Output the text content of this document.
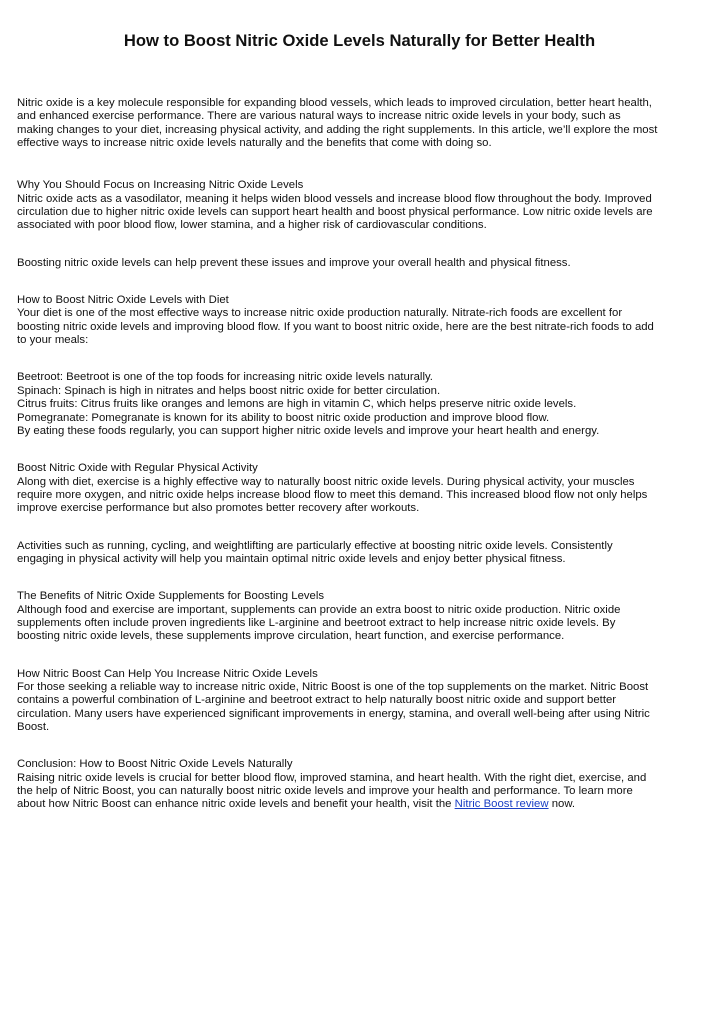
How to Boost Nitric Oxide Levels Naturally for Better Health

Nitric oxide is a key molecule responsible for expanding blood vessels, which leads to improved circulation, better heart health,
and enhanced exercise performance. There are various natural ways to increase nitric oxide levels in your body, such as
making changes to your diet, increasing physical activity, and adding the right supplements. In this article, we’ll explore the most
effective ways to increase nitric oxide levels naturally and the benefits that come with doing so.

Why You Should Focus on Increasing Nitric Oxide Levels
Nitric oxide acts as a vasodilator, meaning it helps widen blood vessels and increase blood flow throughout the body. Improved
circulation due to higher nitric oxide levels can support heart health and boost physical performance. Low nitric oxide levels are
associated with poor blood flow, lower stamina, and a higher risk of cardiovascular conditions.

Boosting nitric oxide levels can help prevent these issues and improve your overall health and physical fitness.

How to Boost Nitric Oxide Levels with Diet
Your diet is one of the most effective ways to increase nitric oxide production naturally. Nitrate-rich foods are excellent for
boosting nitric oxide levels and improving blood flow. If you want to boost nitric oxide, here are the best nitrate-rich foods to add
to your meals:

Beetroot: Beetroot is one of the top foods for increasing nitric oxide levels naturally.
Spinach: Spinach is high in nitrates and helps boost nitric oxide for better circulation.
Citrus fruits: Citrus fruits like oranges and lemons are high in vitamin C, which helps preserve nitric oxide levels.
Pomegranate: Pomegranate is known for its ability to boost nitric oxide production and improve blood flow.
By eating these foods regularly, you can support higher nitric oxide levels and improve your heart health and energy.

Boost Nitric Oxide with Regular Physical Activity
Along with diet, exercise is a highly effective way to naturally boost nitric oxide levels. During physical activity, your muscles
require more oxygen, and nitric oxide helps increase blood flow to meet this demand. This increased blood flow not only helps
improve exercise performance but also promotes better recovery after workouts.

Activities such as running, cycling, and weightlifting are particularly effective at boosting nitric oxide levels. Consistently
engaging in physical activity will help you maintain optimal nitric oxide levels and enjoy better physical fitness.

The Benefits of Nitric Oxide Supplements for Boosting Levels
Although food and exercise are important, supplements can provide an extra boost to nitric oxide production. Nitric oxide
supplements often include proven ingredients like L-arginine and beetroot extract to help increase nitric oxide levels. By
boosting nitric oxide levels, these supplements improve circulation, heart function, and exercise performance.

How Nitric Boost Can Help You Increase Nitric Oxide Levels
For those seeking a reliable way to increase nitric oxide, Nitric Boost is one of the top supplements on the market. Nitric Boost
contains a powerful combination of L-arginine and beetroot extract to help naturally boost nitric oxide and support better
circulation. Many users have experienced significant improvements in energy, stamina, and overall well-being after using Nitric
Boost.

Conclusion: How to Boost Nitric Oxide Levels Naturally
Raising nitric oxide levels is crucial for better blood flow, improved stamina, and heart health. With the right diet, exercise, and
the help of Nitric Boost, you can naturally boost nitric oxide levels and improve your health and performance. To learn more
about how Nitric Boost can enhance nitric oxide levels and benefit your health, visit the Nitric Boost review now.
